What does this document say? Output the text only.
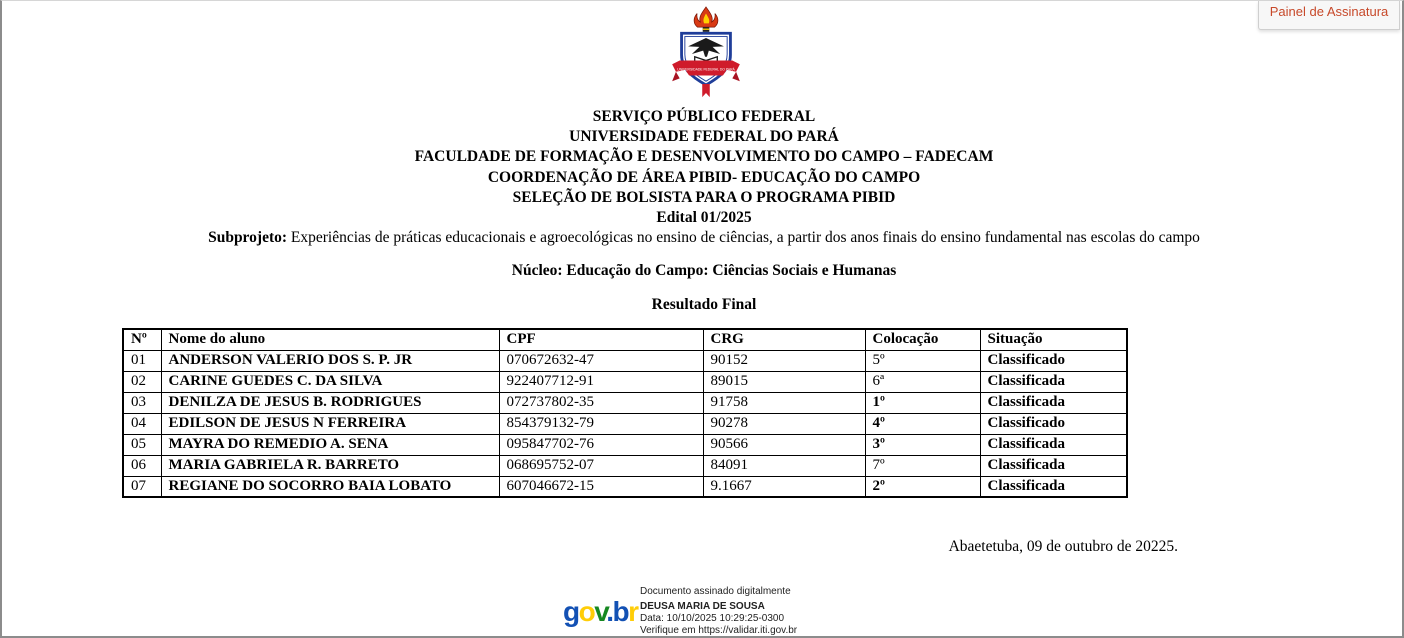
Painel de Assinatura
UNIVERSIDADE FEDERAL DO PARÁ
SERVIÇO PÚBLICO FEDERAL
UNIVERSIDADE FEDERAL DO PARÁ
FACULDADE DE FORMAÇÃO E DESENVOLVIMENTO DO CAMPO – FADECAM
COORDENAÇÃO DE ÁREA PIBID- EDUCAÇÃO DO CAMPO
SELEÇÃO DE BOLSISTA PARA O PROGRAMA PIBID
Edital 01/2025

Subprojeto: Experiências de práticas educacionais e agroecológicas no ensino de ciências, a partir dos anos finais do ensino fundamental nas escolas do campo

Núcleo: Educação do Campo: Ciências Sociais e Humanas

Resultado Final

Nº	Nome do aluno	CPF	CRG	Colocação	Situação
01	ANDERSON VALERIO DOS S. P. JR	070672632-47	90152	5º	Classificado
02	CARINE GUEDES C. DA SILVA	922407712-91	89015	6ª	Classificada
03	DENILZA DE JESUS B. RODRIGUES	072737802-35	91758	1º	Classificada
04	EDILSON DE JESUS N FERREIRA	854379132-79	90278	4º	Classificado
05	MAYRA DO REMEDIO A. SENA	095847702-76	90566	3º	Classificada
06	MARIA GABRIELA R. BARRETO	068695752-07	84091	7º	Classificada
07	REGIANE DO SOCORRO BAIA LOBATO	607046672-15	9.1667	2º	Classificada

Abaetetuba, 09 de outubro de 20225.

Documento assinado digitalmente
gov.br DEUSA MARIA DE SOUSA
Data: 10/10/2025 10:29:25-0300
Verifique em https://validar.iti.gov.br
